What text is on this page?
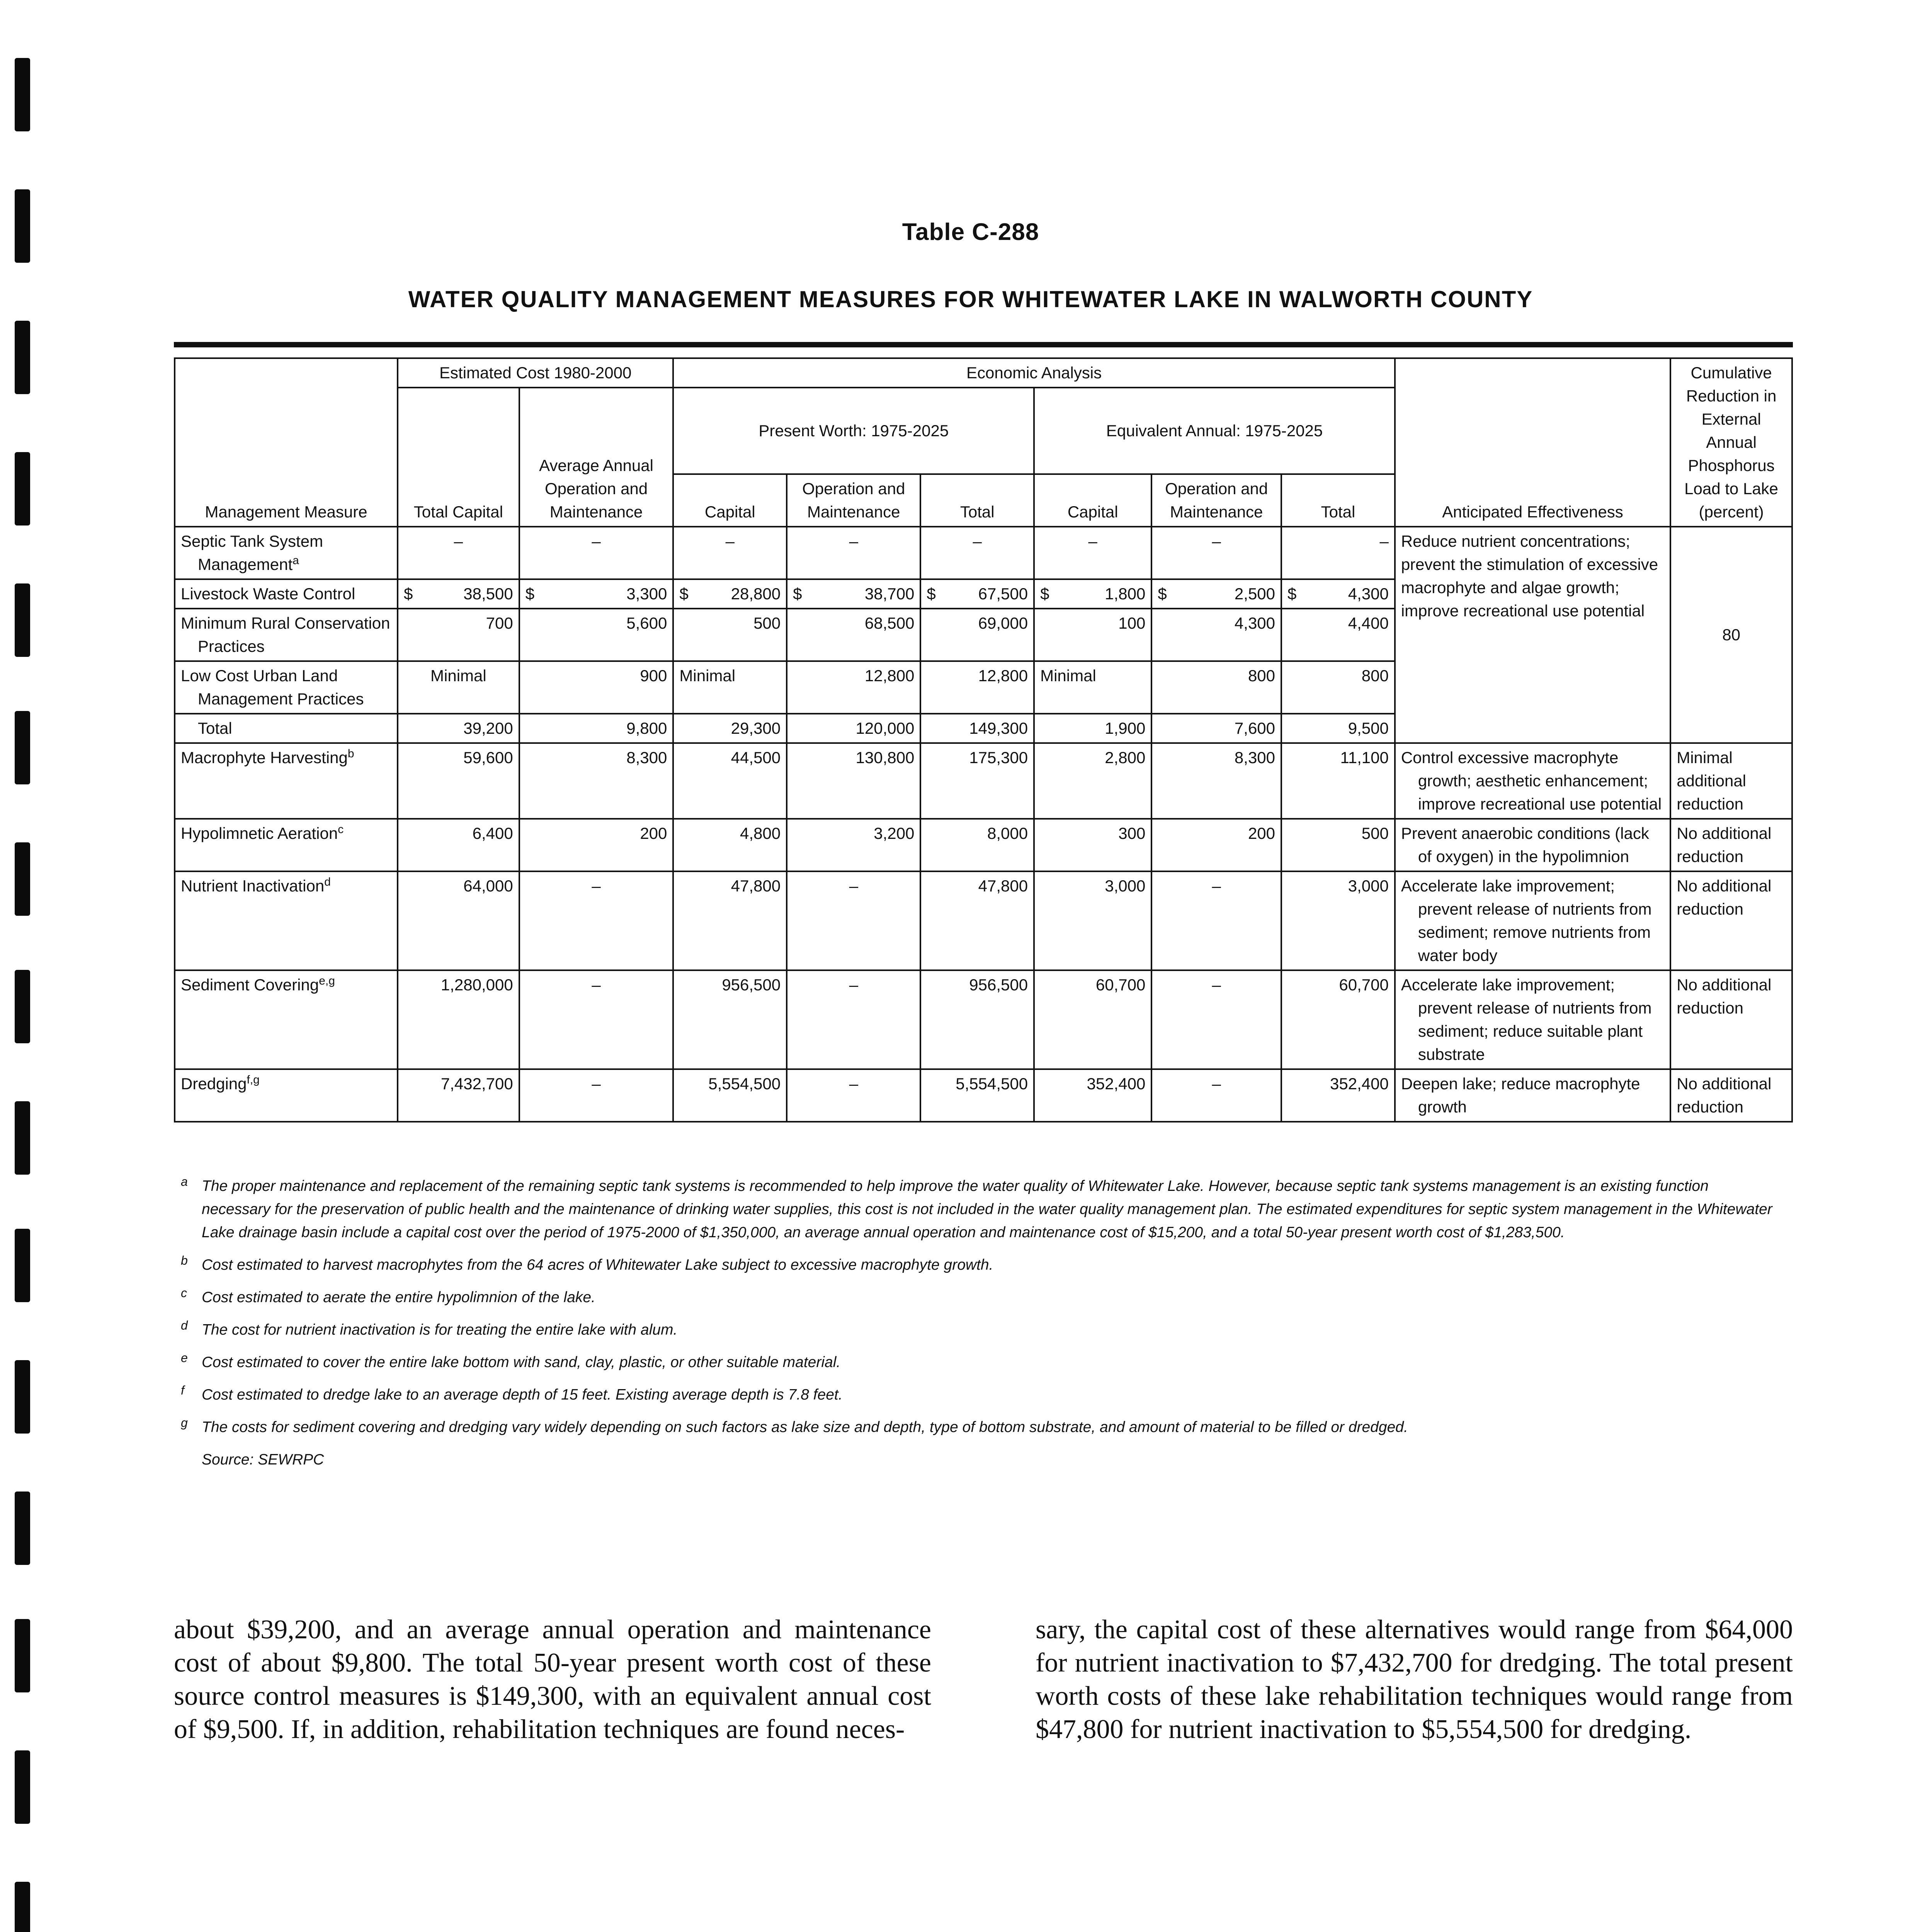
Table C-288
WATER QUALITY MANAGEMENT MEASURES FOR WHITEWATER LAKE IN WALWORTH COUNTY
Management Measure	Estimated Cost 1980-2000		Economic Analysis						Anticipated Effectiveness	Cumulative Reduction in External Annual Phosphorus Load to Lake (percent)
	Total Capital	Average Annual Operation and Maintenance	Present Worth: 1975-2025			Equivalent Annual: 1975-2025				
			Capital	Operation and Maintenance	Total	Capital	Operation and Maintenance	Total		

Septic Tank System Management$^a$	–	–	–	–	–	–	–	–	Reduce nutrient concentrations; prevent the stimulation of excessive macrophyte and algae growth; improve recreational use potential	80

Livestock Waste Control	$ 38,500	$ 3,300	$ 28,800	$ 38,700	$ 67,500	$ 1,800	$ 2,500	$ 4,300		

Minimum Rural Conservation Practices	700	5,600	500	68,500	69,000	100	4,300	4,400		

Low Cost Urban Land Management Practices	Minimal	900	Minimal	12,800	12,800	Minimal	800	800		
Total	39,200	9,800	29,300	120,000	149,300	1,900	7,600	9,500		

Macrophyte Harvesting$^b$	59,600	8,300	44,500	130,800	175,300	2,800	8,300	11,100	Control excessive macrophyte growth; aesthetic enhancement; improve recreational use potential	Minimal additional reduction

Hypolimnetic Aeration$^c$	6,400	200	4,800	3,200	8,000	300	200	500	Prevent anaerobic conditions (lack of oxygen) in the hypolimnion	No additional reduction

Nutrient Inactivation$^d$	64,000	–	47,800	–	47,800	3,000	–	3,000	Accelerate lake improvement; prevent release of nutrients from sediment; remove nutrients from water body	No additional reduction

Sediment Covering$^{e,g}$	1,280,000	–	956,500	–	956,500	60,700	–	60,700	Accelerate lake improvement; prevent release of nutrients from sediment; reduce suitable plant substrate	No additional reduction

Dredging$^{f,g}$	7,432,700	–	5,554,500	–	5,554,500	352,400	–	352,400	Deepen lake; reduce macrophyte growth	No additional reduction
a The proper maintenance and replacement of the remaining septic tank systems is recommended to help improve the water quality of Whitewater Lake. However, because septic tank systems management is an existing function necessary for the preservation of public health and the maintenance of drinking water supplies, this cost is not included in the water quality management plan. The estimated expenditures for septic system management in the Whitewater Lake drainage basin include a capital cost over the period of 1975-2000 of $1,350,000, an average annual operation and maintenance cost of $15,200, and a total 50-year present worth cost of $1,283,500.
b Cost estimated to harvest macrophytes from the 64 acres of Whitewater Lake subject to excessive macrophyte growth.
c Cost estimated to aerate the entire hypolimnion of the lake.
d The cost for nutrient inactivation is for treating the entire lake with alum.
e Cost estimated to cover the entire lake bottom with sand, clay, plastic, or other suitable material.
f Cost estimated to dredge lake to an average depth of 15 feet. Existing average depth is 7.8 feet.
g The costs for sediment covering and dredging vary widely depending on such factors as lake size and depth, type of bottom substrate, and amount of material to be filled or dredged.
Source: SEWRPC
about $39,200, and an average annual operation and maintenance cost of about $9,800. The total 50-year present worth cost of these source control measures is $149,300, with an equivalent annual cost of $9,500. If, in addition, rehabilitation techniques are found neces-
sary, the capital cost of these alternatives would range from $64,000 for nutrient inactivation to $7,432,700 for dredging. The total present worth costs of these lake rehabilitation techniques would range from $47,800 for nutrient inactivation to $5,554,500 for dredging.
